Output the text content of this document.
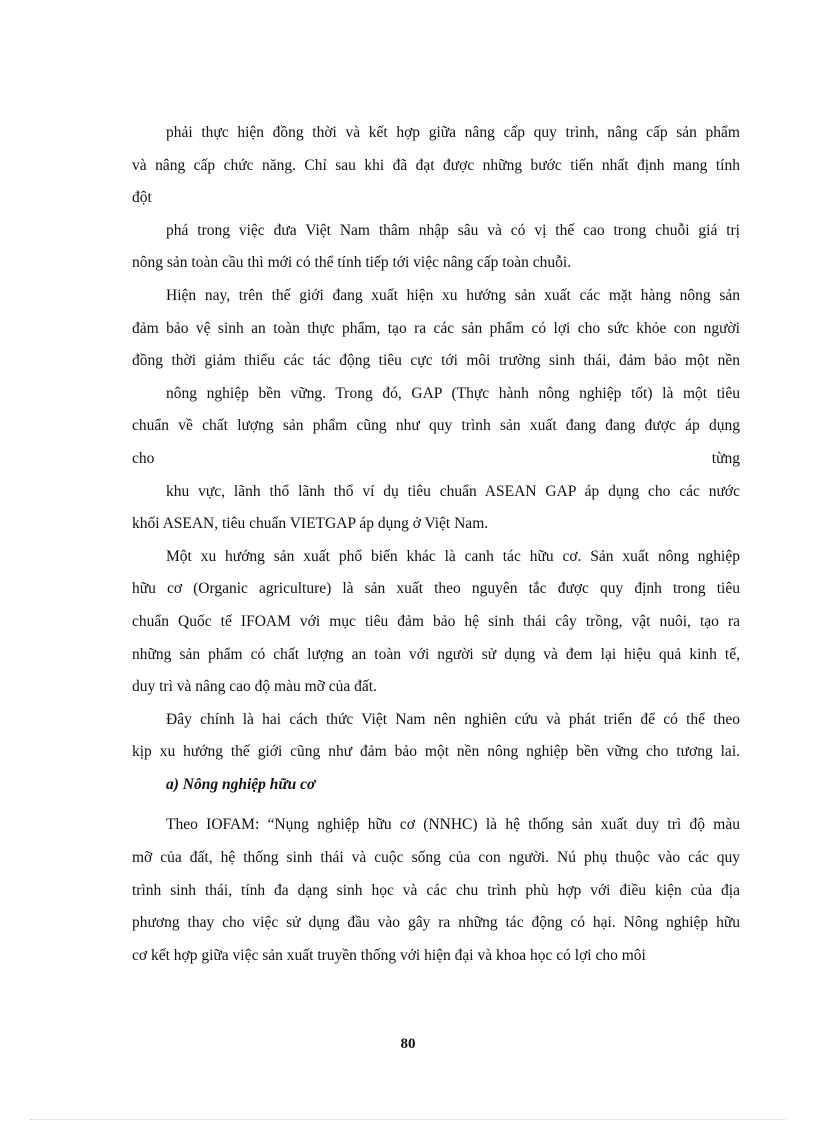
phải thực hiện đồng thời và kết hợp giữa nâng cấp quy trình, nâng cấp sản phẩm
và nâng cấp chức năng. Chỉ sau khi đã đạt được những bước tiến nhất định mang tính
đột
phá trong việc đưa Việt Nam thâm nhập sâu và có vị thế cao trong chuỗi giá trị
nông sản toàn cầu thì mới có thể tính tiếp tới việc nâng cấp toàn chuỗi.
Hiện nay, trên thế giới đang xuất hiện xu hướng sản xuất các mặt hàng nông sản
đảm bảo vệ sinh an toàn thực phẩm, tạo ra các sản phẩm có lợi cho sức khỏe con người
đồng thời giảm thiểu các tác động tiêu cực tới môi trường sinh thái, đảm bảo một nền
nông nghiệp bền vững. Trong đó, GAP (Thực hành nông nghiệp tốt) là một tiêu
chuẩn về chất lượng sản phẩm cũng như quy trình sản xuất đang đang được áp dụng
cho	từng
khu vực, lãnh thổ lãnh thổ ví dụ tiêu chuẩn ASEAN GAP áp dụng cho các nước
khối ASEAN, tiêu chuẩn VIETGAP áp dụng ở Việt Nam.
Một xu hướng sản xuất phổ biến khác là canh tác hữu cơ. Sản xuất nông nghiệp
hữu cơ (Organic agriculture) là sản xuất theo nguyên tắc được quy định trong tiêu
chuẩn Quốc tế IFOAM với mục tiêu đảm bảo hệ sinh thái cây trồng, vật nuôi, tạo ra
những sản phẩm có chất lượng an toàn với người sử dụng và đem lại hiệu quả kinh tế,
duy trì và nâng cao độ màu mỡ của đất.
Đây chính là hai cách thức Việt Nam nên nghiên cứu và phát triển để có thể theo
kịp xu hướng thế giới cũng như đảm bảo một nền nông nghiệp bền vững cho tương lai.
a) Nông nghiệp hữu cơ
Theo IOFAM: “Nụng nghiệp hữu cơ (NNHC) là hệ thống sản xuất duy trì độ màu
mỡ của đất, hệ thống sinh thái và cuộc sống của con người. Nú phụ thuộc vào các quy
trình sinh thái, tính đa dạng sinh học và các chu trình phù hợp với điều kiện của địa
phương thay cho việc sử dụng đầu vào gây ra những tác động có hại. Nông nghiệp hữu
cơ kết hợp giữa việc sản xuất truyền thống với hiện đại và khoa học có lợi cho môi
80
